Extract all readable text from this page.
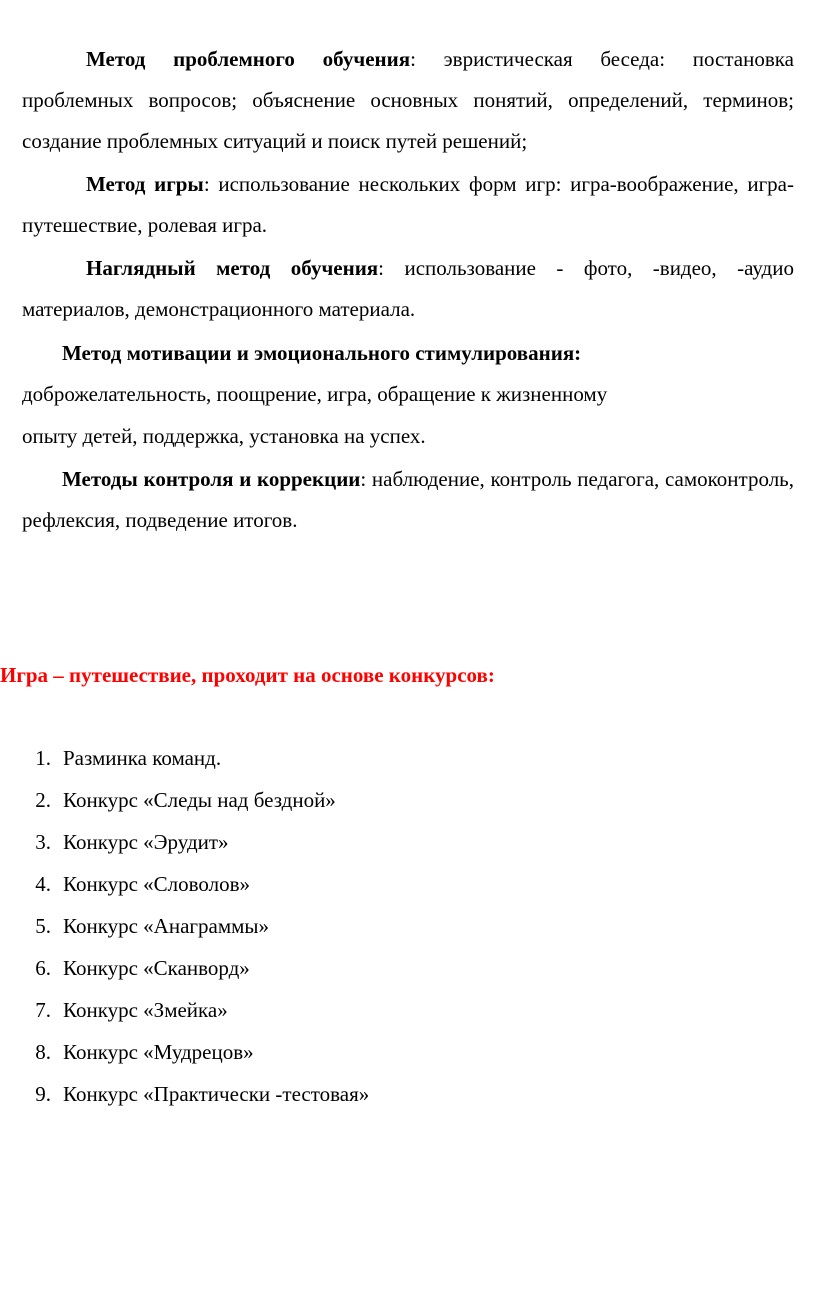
Метод проблемного обучения: эвристическая беседа: постановка проблемных вопросов; объяснение основных понятий, определений, терминов; создание проблемных ситуаций и поиск путей решений;

Метод игры: использование нескольких форм игр: игра-воображение, игра-путешествие, ролевая игра.

Наглядный метод обучения: использование - фото, -видео, -аудио материалов, демонстрационного материала.

Метод мотивации и эмоционального стимулирования:

доброжелательность, поощрение, игра, обращение к жизненному

опыту детей, поддержка, установка на успех.

Методы контроля и коррекции: наблюдение, контроль педагога, самоконтроль, рефлексия, подведение итогов.

Игра – путешествие, проходит на основе конкурсов:

1. Разминка команд.
2. Конкурс «Следы над бездной»
3. Конкурс «Эрудит»
4. Конкурс «Словолов»
5. Конкурс «Анаграммы»
6. Конкурс «Сканворд»
7. Конкурс «Змейка»
8. Конкурс «Мудрецов»
9. Конкурс «Практически -тестовая»
